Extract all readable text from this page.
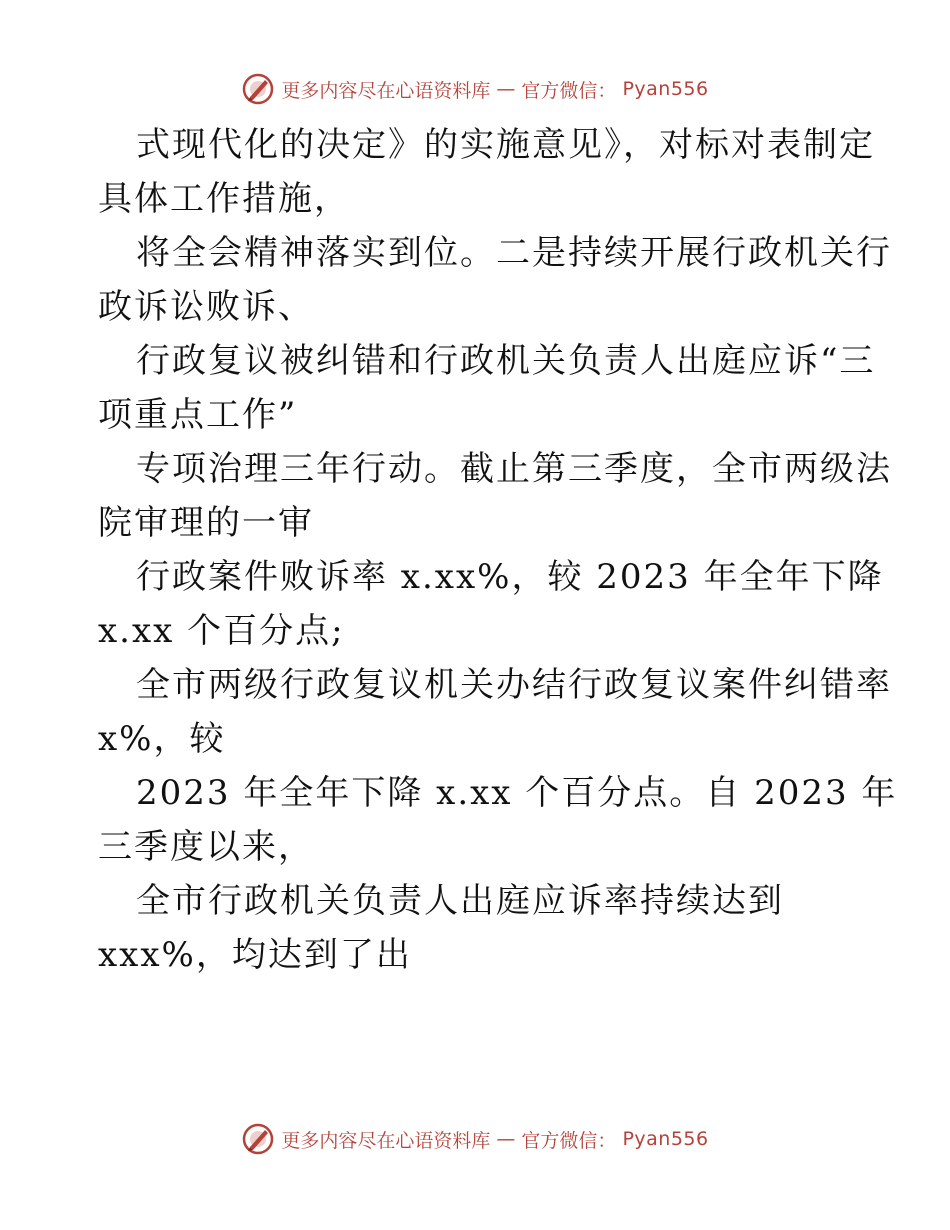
更多内容尽在心语资料库 — 官方微信： Pyan556
式现代化的决定》的实施意见》，对标对表制定
具体工作措施，
将全会精神落实到位。二是持续开展行政机关行
政诉讼败诉、
行政复议被纠错和行政机关负责人出庭应诉“三
项重点工作”
专项治理三年行动。截止第三季度，全市两级法
院审理的一审
行政案件败诉率 x.xx%，较 2023 年全年下降
x.xx 个百分点;
全市两级行政复议机关办结行政复议案件纠错率
x%，较
2023 年全年下降 x.xx 个百分点。自 2023 年
三季度以来，
全市行政机关负责人出庭应诉率持续达到
xxx%，均达到了出
更多内容尽在心语资料库 — 官方微信： Pyan556
